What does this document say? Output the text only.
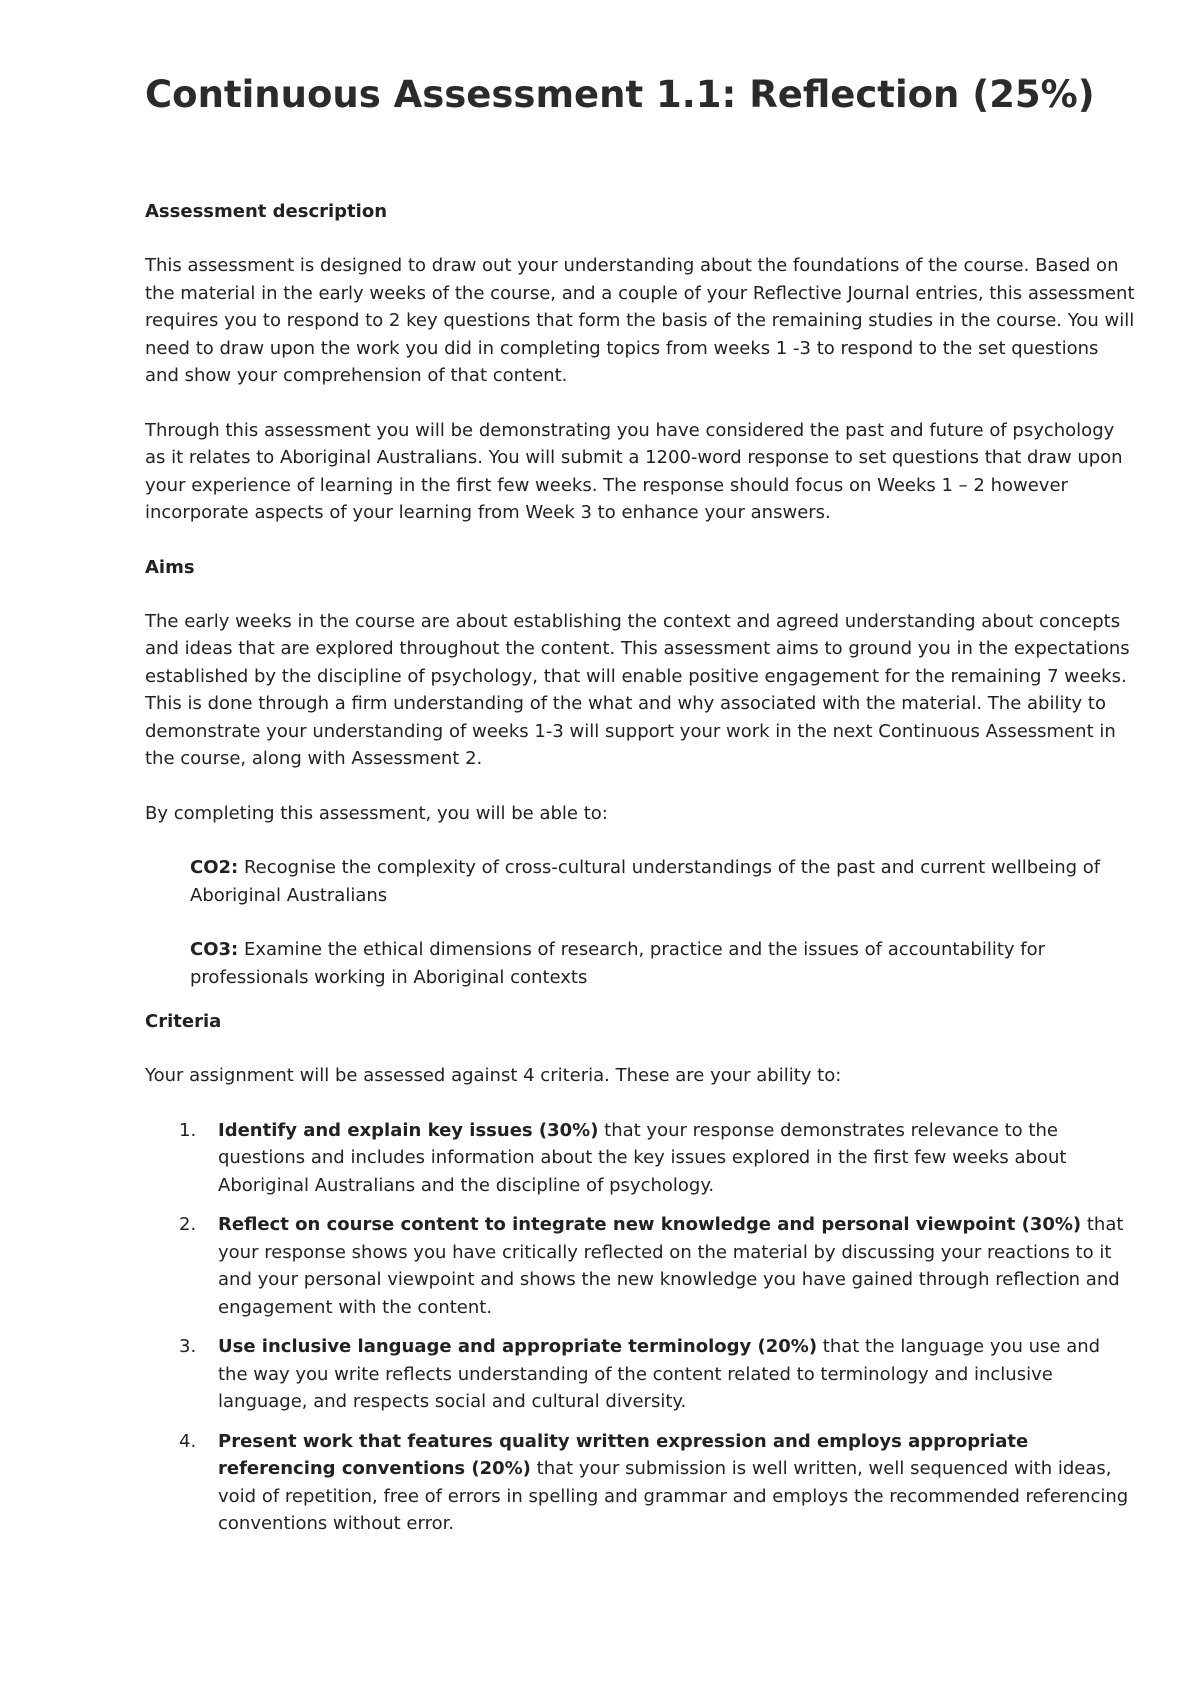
Continuous Assessment 1.1: Reflection (25%)

Assessment description

This assessment is designed to draw out your understanding about the foundations of the course. Based on the material in the early weeks of the course, and a couple of your Reflective Journal entries, this assessment requires you to respond to 2 key questions that form the basis of the remaining studies in the course. You will need to draw upon the work you did in completing topics from weeks 1 -3 to respond to the set questions and show your comprehension of that content.

Through this assessment you will be demonstrating you have considered the past and future of psychology as it relates to Aboriginal Australians. You will submit a 1200-word response to set questions that draw upon your experience of learning in the first few weeks. The response should focus on Weeks 1 – 2 however incorporate aspects of your learning from Week 3 to enhance your answers.

Aims

The early weeks in the course are about establishing the context and agreed understanding about concepts and ideas that are explored throughout the content. This assessment aims to ground you in the expectations established by the discipline of psychology, that will enable positive engagement for the remaining 7 weeks. This is done through a firm understanding of the what and why associated with the material. The ability to demonstrate your understanding of weeks 1-3 will support your work in the next Continuous Assessment in the course, along with Assessment 2.

By completing this assessment, you will be able to:

CO2: Recognise the complexity of cross-cultural understandings of the past and current wellbeing of Aboriginal Australians

CO3: Examine the ethical dimensions of research, practice and the issues of accountability for professionals working in Aboriginal contexts

Criteria

Your assignment will be assessed against 4 criteria. These are your ability to:

1. Identify and explain key issues (30%) that your response demonstrates relevance to the questions and includes information about the key issues explored in the first few weeks about Aboriginal Australians and the discipline of psychology.
2. Reflect on course content to integrate new knowledge and personal viewpoint (30%) that your response shows you have critically reflected on the material by discussing your reactions to it and your personal viewpoint and shows the new knowledge you have gained through reflection and engagement with the content.
3. Use inclusive language and appropriate terminology (20%) that the language you use and the way you write reflects understanding of the content related to terminology and inclusive language, and respects social and cultural diversity.
4. Present work that features quality written expression and employs appropriate referencing conventions (20%) that your submission is well written, well sequenced with ideas, void of repetition, free of errors in spelling and grammar and employs the recommended referencing conventions without error.
